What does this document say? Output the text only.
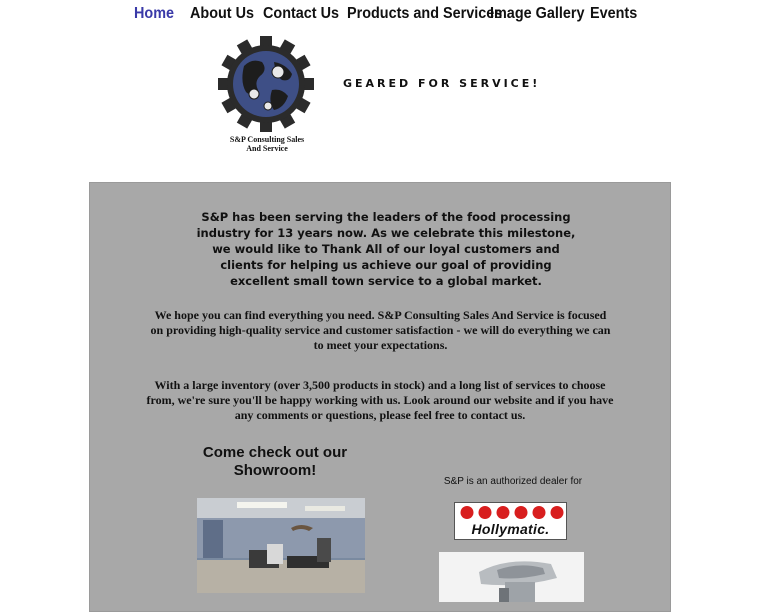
Home About Us Contact Us Products and Services
Image Gallery Events
S&P Consulting Sales
And Service
GEARED FOR SERVICE!
S&P has been serving the leaders of the food processing industry for 13 years now. As we celebrate this milestone, we would like to Thank All of our loyal customers and clients for helping us achieve our goal of providing excellent small town service to a global market.
We hope you can find everything you need. S&P Consulting Sales And Service is focused on providing high-quality service and customer satisfaction - we will do everything we can to meet your expectations.
With a large inventory (over 3,500 products in stock) and a long list of services to choose from, we're sure you'll be happy working with us. Look around our website and if you have any comments or questions, please feel free to contact us.
Come check out our Showroom!
S&P is an authorized dealer for
Hollymatic.
